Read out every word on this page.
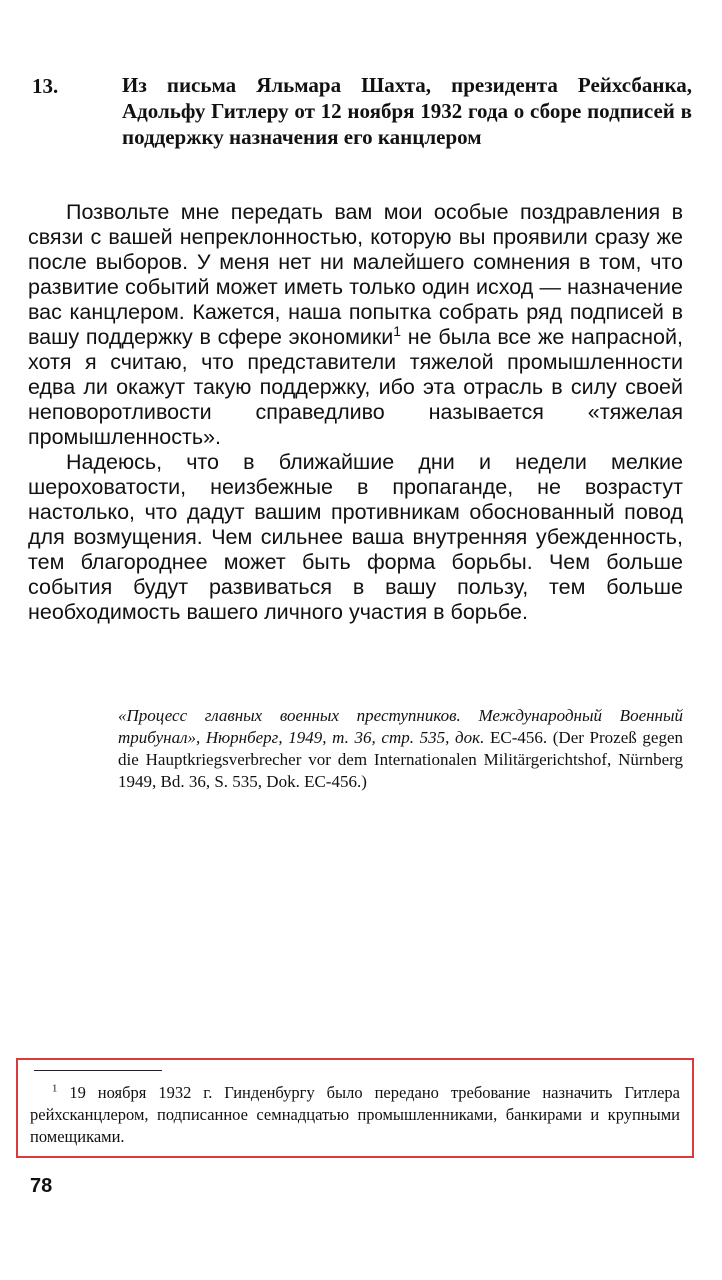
13.	Из письма Яльмара Шахта, президента Рейхсбанка, Адольфу Гитлеру от 12 ноября 1932 года о сборе подписей в поддержку назначения его канцлером

Позвольте мне передать вам мои особые поздравления в связи с вашей непреклонностью, которую вы проявили сразу же после выборов. У меня нет ни малейшего сомнения в том, что развитие событий может иметь только один исход — назначение вас канцлером. Кажется, наша попытка собрать ряд подписей в вашу поддержку в сфере экономики$^1$ не была все же напрасной, хотя я считаю, что представители тяжелой промышленности едва ли окажут такую поддержку, ибо эта отрасль в силу своей неповоротливости справедливо называется «тяжелая промышленность».

Надеюсь, что в ближайшие дни и недели мелкие шероховатости, неизбежные в пропаганде, не возрастут настолько, что дадут вашим противникам обоснованный повод для возмущения. Чем сильнее ваша внутренняя убежденность, тем благороднее может быть форма борьбы. Чем больше события будут развиваться в вашу пользу, тем больше необходимость вашего личного участия в борьбе.

«Процесс главных военных преступников. Международный Военный трибунал», Нюрнберг, 1949, т. 36, стр. 535, док. ЕС-456. (Der Prozeß gegen die Hauptkriegsverbrecher vor dem Internationalen Militärgerichtshof, Nürnberg 1949, Bd. 36, S. 535, Dok. EC-456.)

$^1$ 19 ноября 1932 г. Гинденбургу было передано требование назначить Гитлера рейхсканцлером, подписанное семнадцатью промышленниками, банкирами и крупными помещиками.

78
